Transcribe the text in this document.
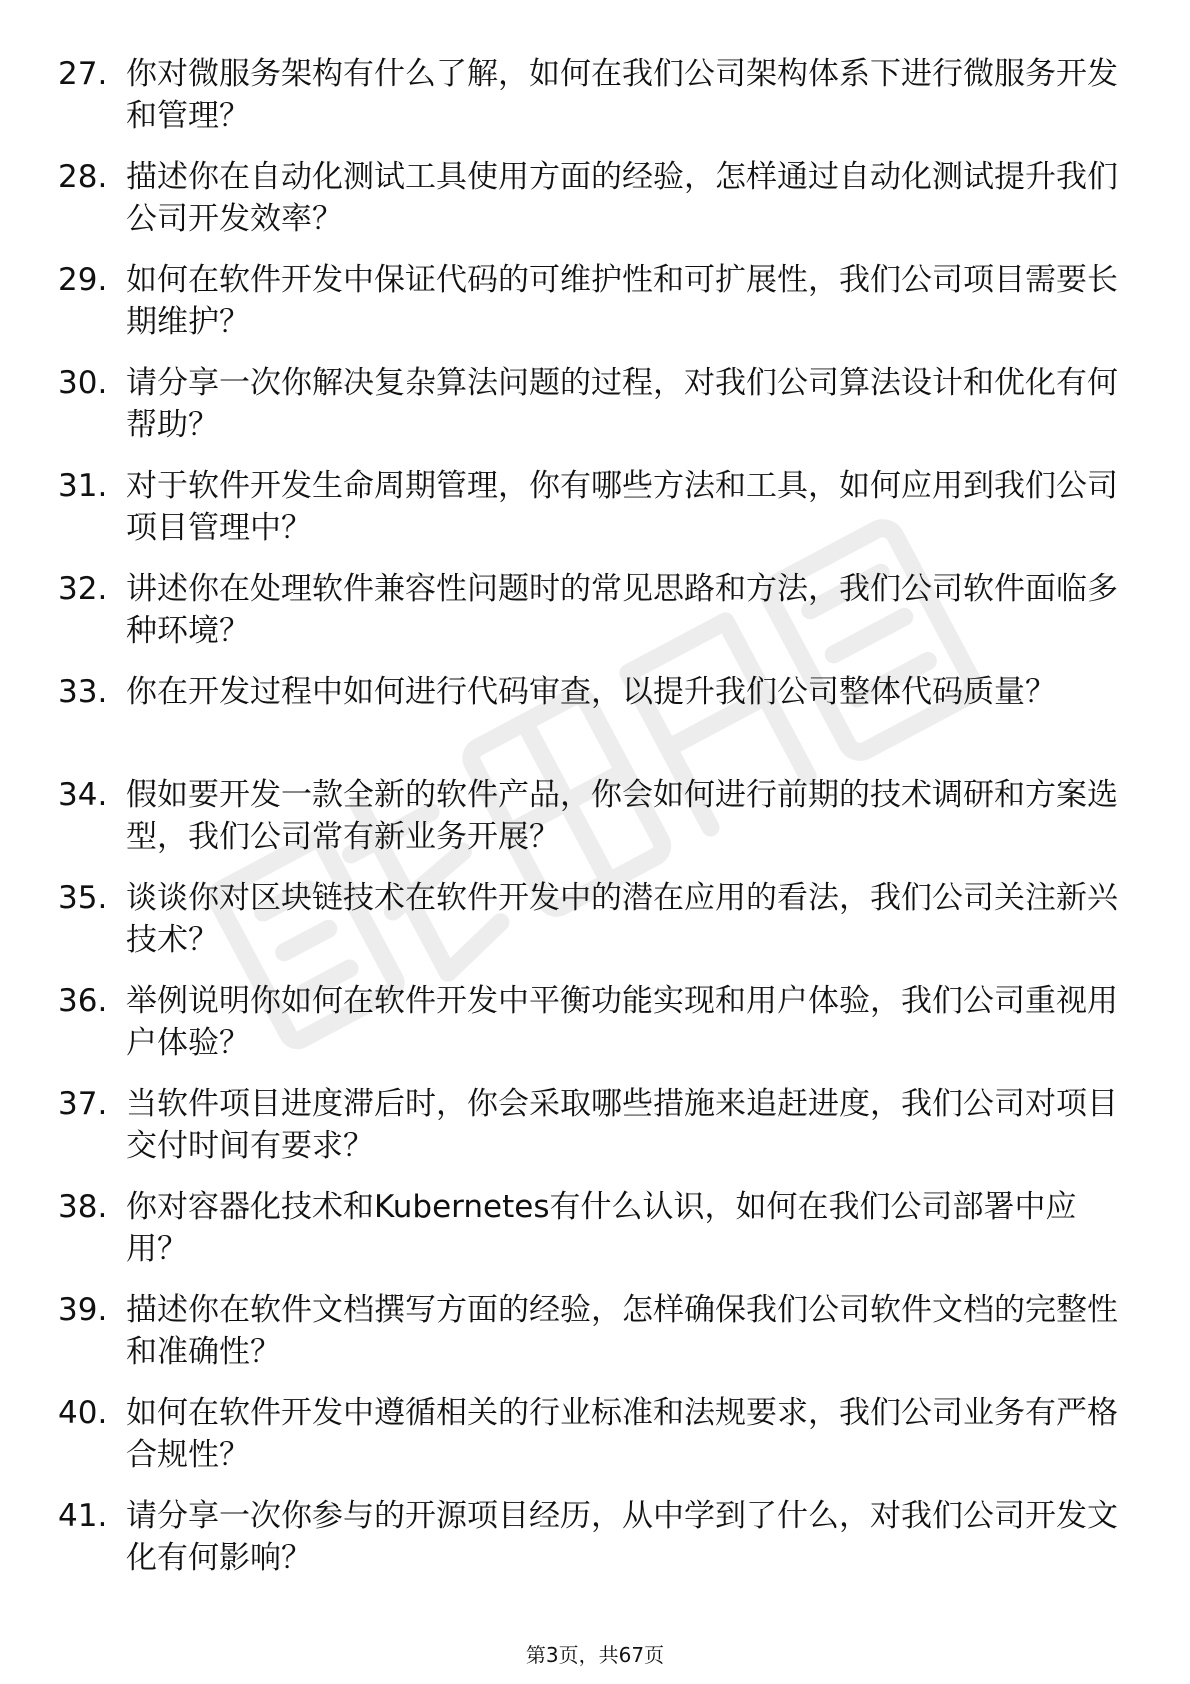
27. 你对微服务架构有什么了解，如何在我们公司架构体系下进行微服务开发和管理？
28. 描述你在自动化测试工具使用方面的经验，怎样通过自动化测试提升我们公司开发效率？
29. 如何在软件开发中保证代码的可维护性和可扩展性，我们公司项目需要长期维护？
30. 请分享一次你解决复杂算法问题的过程，对我们公司算法设计和优化有何帮助？
31. 对于软件开发生命周期管理，你有哪些方法和工具，如何应用到我们公司项目管理中？
32. 讲述你在处理软件兼容性问题时的常见思路和方法，我们公司软件面临多种环境？
33. 你在开发过程中如何进行代码审查，以提升我们公司整体代码质量？
34. 假如要开发一款全新的软件产品，你会如何进行前期的技术调研和方案选型，我们公司常有新业务开展？
35. 谈谈你对区块链技术在软件开发中的潜在应用的看法，我们公司关注新兴技术？
36. 举例说明你如何在软件开发中平衡功能实现和用户体验，我们公司重视用户体验？
37. 当软件项目进度滞后时，你会采取哪些措施来追赶进度，我们公司对项目交付时间有要求？
38. 你对容器化技术和Kubernetes有什么认识，如何在我们公司部署中应用？
39. 描述你在软件文档撰写方面的经验，怎样确保我们公司软件文档的完整性和准确性？
40. 如何在软件开发中遵循相关的行业标准和法规要求，我们公司业务有严格合规性？
41. 请分享一次你参与的开源项目经历，从中学到了什么，对我们公司开发文化有何影响？
第3页，共67页
